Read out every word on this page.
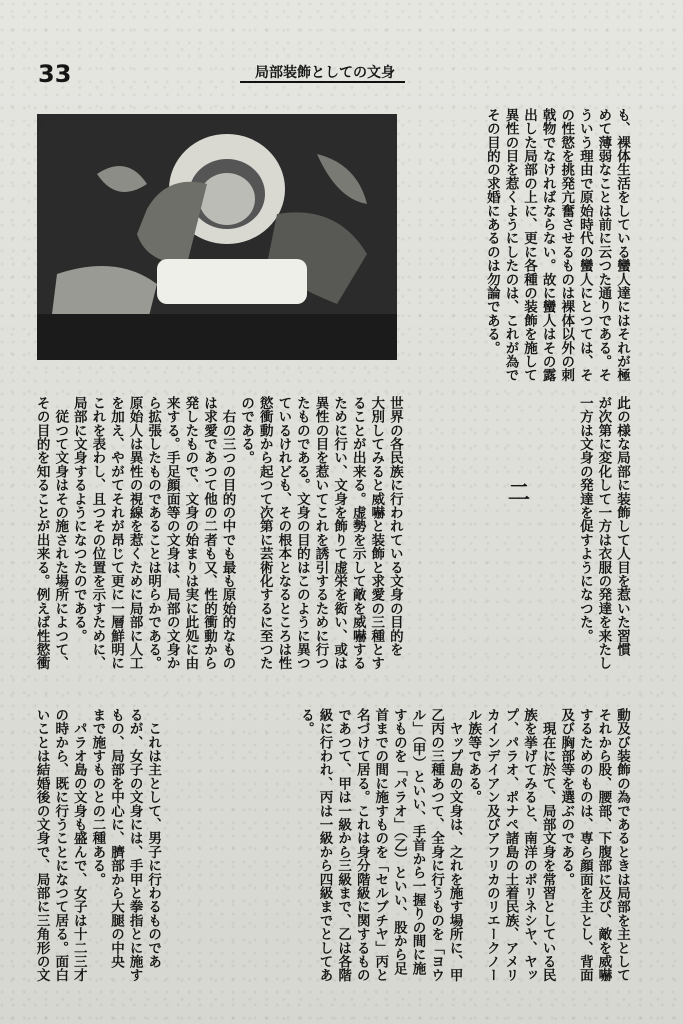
33	局部装飾としての文身
も、裸体生活をしている蠻人達にはそれが極
めて薄弱なことは前に云つた通りである。そ
ういう理由で原始時代の蠻人にとつては、そ
の性慾を挑発亢奮させるものは裸体以外の刺
戟物でなければならない。故に蠻人はその露
出した局部の上に、更に各種の装飾を施して
異性の目を惹くようにしたのは、これが為で
その目的の求婚にあるのは勿論である。
此の様な局部に装飾して人目を惹いた習慣
が次第に変化して一方は衣服の発達を来たし
一方は文身の発達を促すようになつた。
二
世界の各民族に行われている文身の目的を
大別してみると威嚇と装飾と求愛の三種とす
ることが出来る。虚勢を示して敵を威嚇する
ために行い、文身を飾りて虚栄を衒い、或は
異性の目を惹いてこれを誘引するために行つ
たものである。文身の目的はこのように異つ
ているけれども、その根本となるところは性
慾衝動から起つて次第に芸術化するに至つた
のである。
　右の三つの目的の中でも最も原始的なもの
は求愛であつて他の二者も又、性的衝動から
発したもので、文身の始まりは実に此処に由
来する。手足顔面等の文身は、局部の文身か
ら拡張したものであることは明らかである。
原始人は異性の視線を惹くために局部に人工
を加え、やがてそれが昂じて更に一層鮮明に
これを表わし、且つその位置を示すために、
局部に文身するようになつたのである。
　従つて文身はその施された場所によつて、
その目的を知ることが出来る。例えば性慾衝
動及び装飾の為であるときは局部を主として
それから股、腰部、下腹部に及び、敵を威嚇
するためのものは、専ら顔面を主とし、背面
及び胸部等を選ぶのである。
　現在に於て、局部文身を常習としている民
族を挙げてみると、南洋のポリネシヤ、ヤッ
プ、パラオ、ポナペ諸島の土着民族、アメリ
カインデイアン及びアフリカのリエークノー
ル族等である。
　ヤップ島の文身は、之れを施す場所に、甲
乙丙の三種あつて、全身に行うものを「ヨウ
ル」（甲）といい、手首から一握りの間に施
すものを「パラオ」（乙）といい、股から足
首までの間に施すものを「セルブチヤ」丙と
名づけて居る。これは身分階級に関するもの
であつて、甲は一級から三級まで、乙は各階
級に行われ、丙は一級から四級までとしてあ
る。
　これは主として、男子に行わるものであ
るが、女子の文身には、手甲と拳指とに施す
もの、局部を中心に、臍部から大腿の中央
まで施すものとの二種ある。
　パラオ島の文身も盛んで、女子は十二三才
の時から、既に行うことになつて居る。面白
いことは結婚後の文身で、局部に三角形の文
